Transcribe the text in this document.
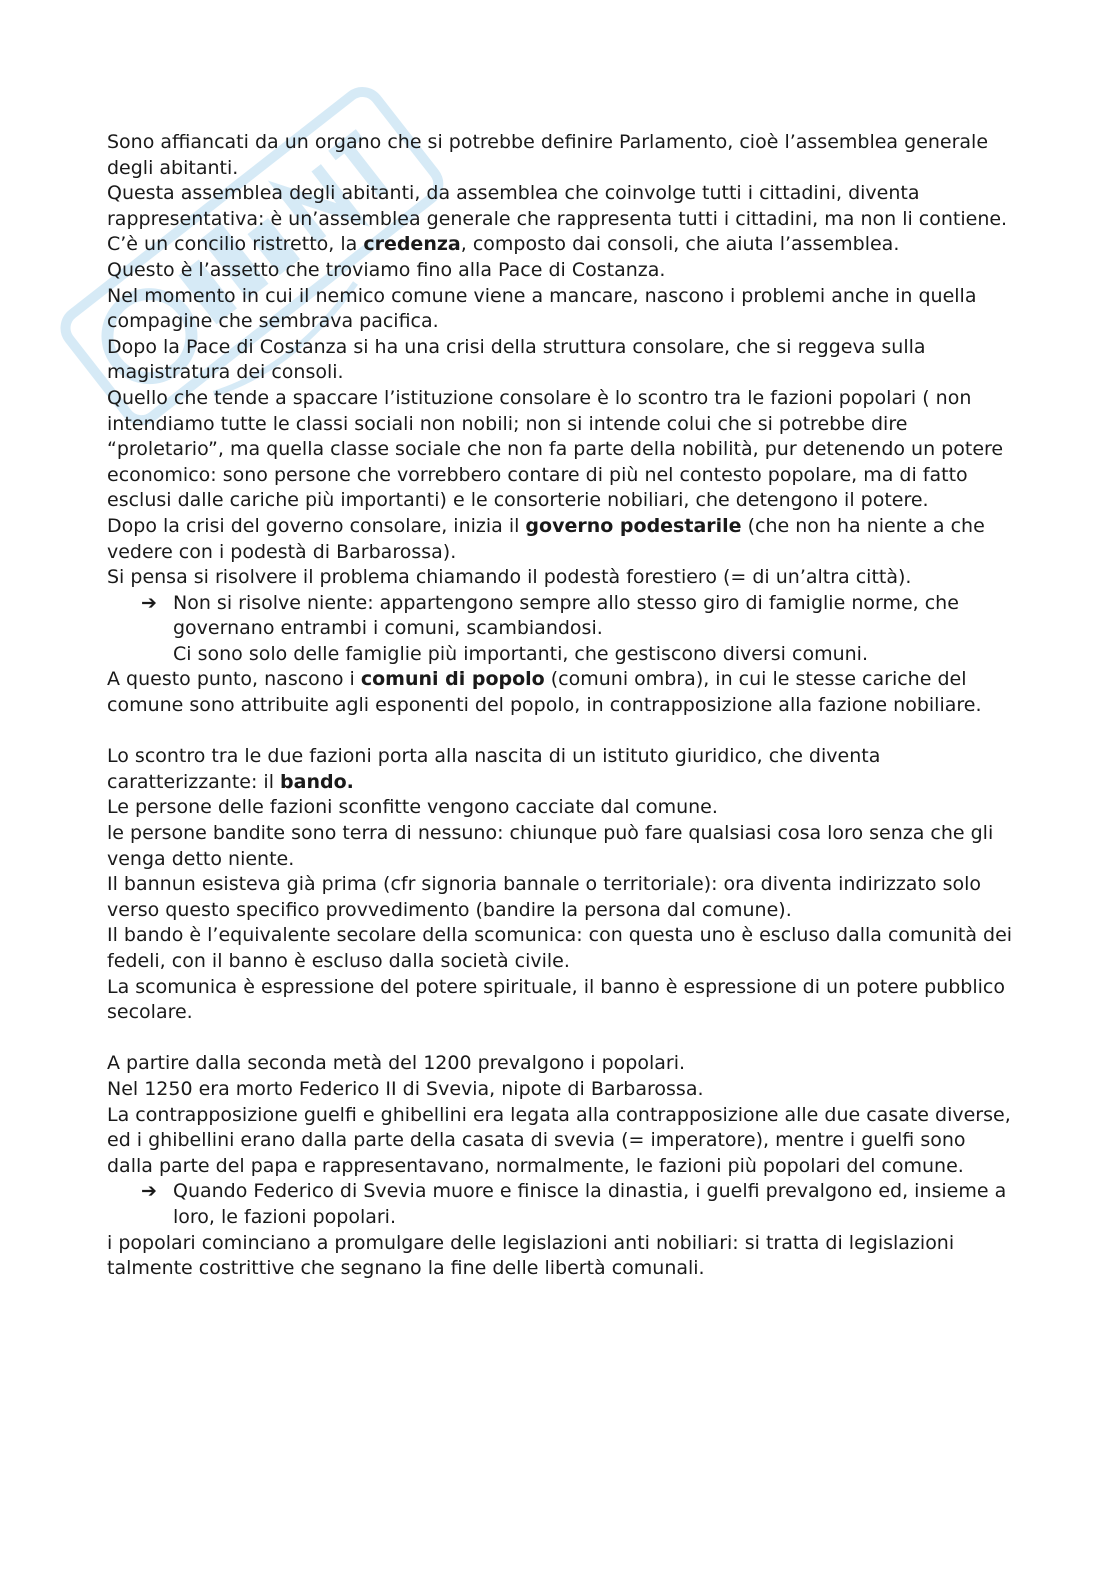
Sono affiancati da un organo che si potrebbe definire Parlamento, cioè l’assemblea generale degli abitanti.

Questa assemblea degli abitanti, da assemblea che coinvolge tutti i cittadini, diventa rappresentativa: è un’assemblea generale che rappresenta tutti i cittadini, ma non li contiene.

C’è un concilio ristretto, la credenza, composto dai consoli, che aiuta l’assemblea.

Questo è l’assetto che troviamo fino alla Pace di Costanza.

Nel momento in cui il nemico comune viene a mancare, nascono i problemi anche in quella compagine che sembrava pacifica.

Dopo la Pace di Costanza si ha una crisi della struttura consolare, che si reggeva sulla magistratura dei consoli.

Quello che tende a spaccare l’istituzione consolare è lo scontro tra le fazioni popolari ( non intendiamo tutte le classi sociali non nobili; non si intende colui che si potrebbe dire “proletario”, ma quella classe sociale che non fa parte della nobilità, pur detenendo un potere economico: sono persone che vorrebbero contare di più nel contesto popolare, ma di fatto esclusi dalle cariche più importanti) e le consorterie nobiliari, che detengono il potere.

Dopo la crisi del governo consolare, inizia il governo podestarile (che non ha niente a che vedere con i podestà di Barbarossa).

Si pensa si risolvere il problema chiamando il podestà forestiero (= di un’altra città).

➔ Non si risolve niente: appartengono sempre allo stesso giro di famiglie norme, che governano entrambi i comuni, scambiandosi.

Ci sono solo delle famiglie più importanti, che gestiscono diversi comuni.

A questo punto, nascono i comuni di popolo (comuni ombra), in cui le stesse cariche del comune sono attribuite agli esponenti del popolo, in contrapposizione alla fazione nobiliare.

Lo scontro tra le due fazioni porta alla nascita di un istituto giuridico, che diventa caratterizzante: il bando.

Le persone delle fazioni sconfitte vengono cacciate dal comune.

le persone bandite sono terra di nessuno: chiunque può fare qualsiasi cosa loro senza che gli venga detto niente.

Il bannun esisteva già prima (cfr signoria bannale o territoriale): ora diventa indirizzato solo verso questo specifico provvedimento (bandire la persona dal comune).

Il bando è l’equivalente secolare della scomunica: con questa uno è escluso dalla comunità dei fedeli, con il banno è escluso dalla società civile.

La scomunica è espressione del potere spirituale, il banno è espressione di un potere pubblico secolare.

A partire dalla seconda metà del 1200 prevalgono i popolari.

Nel 1250 era morto Federico II di Svevia, nipote di Barbarossa.

La contrapposizione guelfi e ghibellini era legata alla contrapposizione alle due casate diverse, ed i ghibellini erano dalla parte della casata di svevia (= imperatore), mentre i guelfi sono dalla parte del papa e rappresentavano, normalmente, le fazioni più popolari del comune.

➔ Quando Federico di Svevia muore e finisce la dinastia, i guelfi prevalgono ed, insieme a loro, le fazioni popolari.

i popolari cominciano a promulgare delle legislazioni anti nobiliari: si tratta di legislazioni talmente costrittive che segnano la fine delle libertà comunali.
